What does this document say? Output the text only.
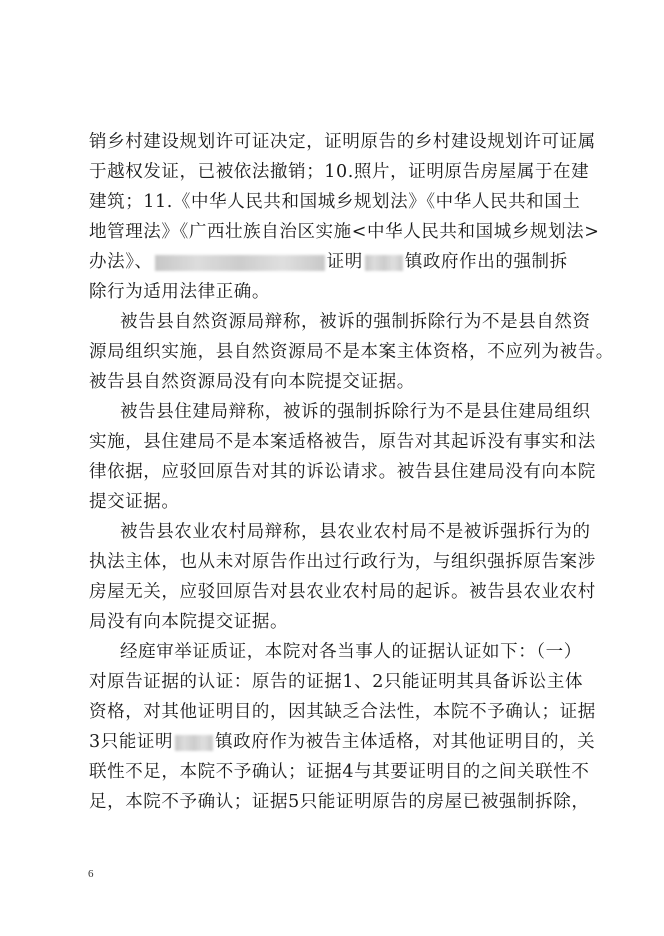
销乡村建设规划许可证决定，证明原告的乡村建设规划许可证属
于越权发证，已被依法撤销；10.照片，证明原告房屋属于在建
建筑；11.《中华人民共和国城乡规划法》《中华人民共和国土
地管理法》《广西壮族自治区实施<中华人民共和国城乡规划法>
办法》、	证明 镇政府作出的强制拆
除行为适用法律正确。
被告县自然资源局辩称，被诉的强制拆除行为不是县自然资
源局组织实施，县自然资源局不是本案主体资格，不应列为被告。
被告县自然资源局没有向本院提交证据。
被告县住建局辩称，被诉的强制拆除行为不是县住建局组织
实施，县住建局不是本案适格被告，原告对其起诉没有事实和法
律依据，应驳回原告对其的诉讼请求。被告县住建局没有向本院
提交证据。
被告县农业农村局辩称，县农业农村局不是被诉强拆行为的
执法主体，也从未对原告作出过行政行为，与组织强拆原告案涉
房屋无关，应驳回原告对县农业农村局的起诉。被告县农业农村
局没有向本院提交证据。
经庭审举证质证，本院对各当事人的证据认证如下：（一）
对原告证据的认证：原告的证据1、2只能证明其具备诉讼主体
资格，对其他证明目的，因其缺乏合法性，本院不予确认；证据
3只能证明 镇政府作为被告主体适格，对其他证明目的，关
联性不足，本院不予确认；证据4与其要证明目的之间关联性不
足，本院不予确认；证据5只能证明原告的房屋已被强制拆除，
6
